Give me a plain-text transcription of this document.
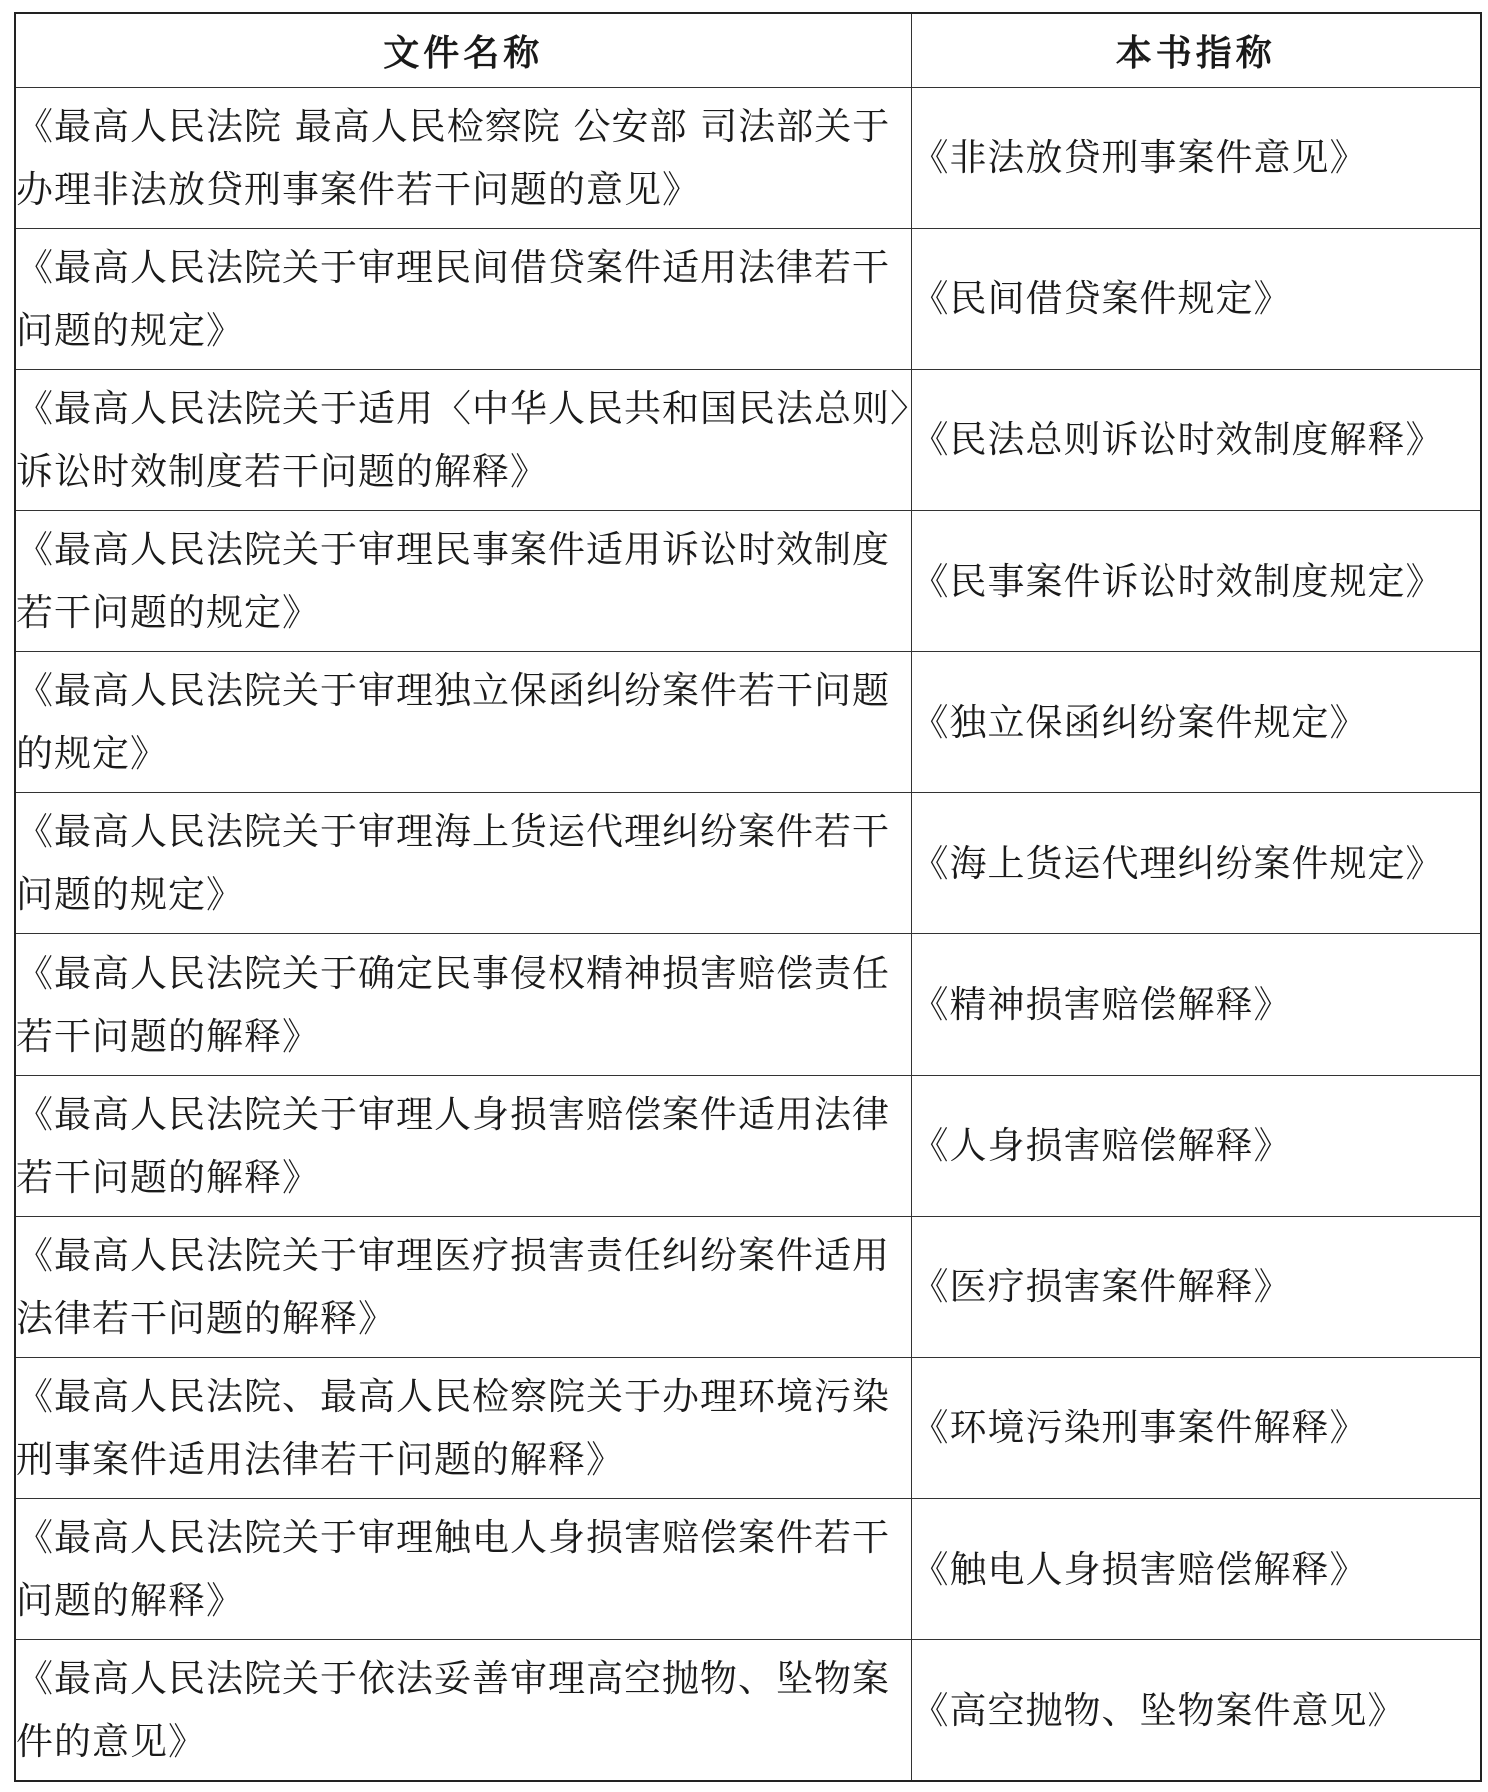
文件名称	本书指称
《最高人民法院 最高人民检察院 公安部 司法部关于办理非法放贷刑事案件若干问题的意见》	《非法放贷刑事案件意见》
《最高人民法院关于审理民间借贷案件适用法律若干问题的规定》	《民间借贷案件规定》
《最高人民法院关于适用〈中华人民共和国民法总则〉诉讼时效制度若干问题的解释》	《民法总则诉讼时效制度解释》
《最高人民法院关于审理民事案件适用诉讼时效制度若干问题的规定》	《民事案件诉讼时效制度规定》
《最高人民法院关于审理独立保函纠纷案件若干问题的规定》	《独立保函纠纷案件规定》
《最高人民法院关于审理海上货运代理纠纷案件若干问题的规定》	《海上货运代理纠纷案件规定》
《最高人民法院关于确定民事侵权精神损害赔偿责任若干问题的解释》	《精神损害赔偿解释》
《最高人民法院关于审理人身损害赔偿案件适用法律若干问题的解释》	《人身损害赔偿解释》
《最高人民法院关于审理医疗损害责任纠纷案件适用法律若干问题的解释》	《医疗损害案件解释》
《最高人民法院、最高人民检察院关于办理环境污染刑事案件适用法律若干问题的解释》	《环境污染刑事案件解释》
《最高人民法院关于审理触电人身损害赔偿案件若干问题的解释》	《触电人身损害赔偿解释》
《最高人民法院关于依法妥善审理高空抛物、坠物案件的意见》	《高空抛物、坠物案件意见》
